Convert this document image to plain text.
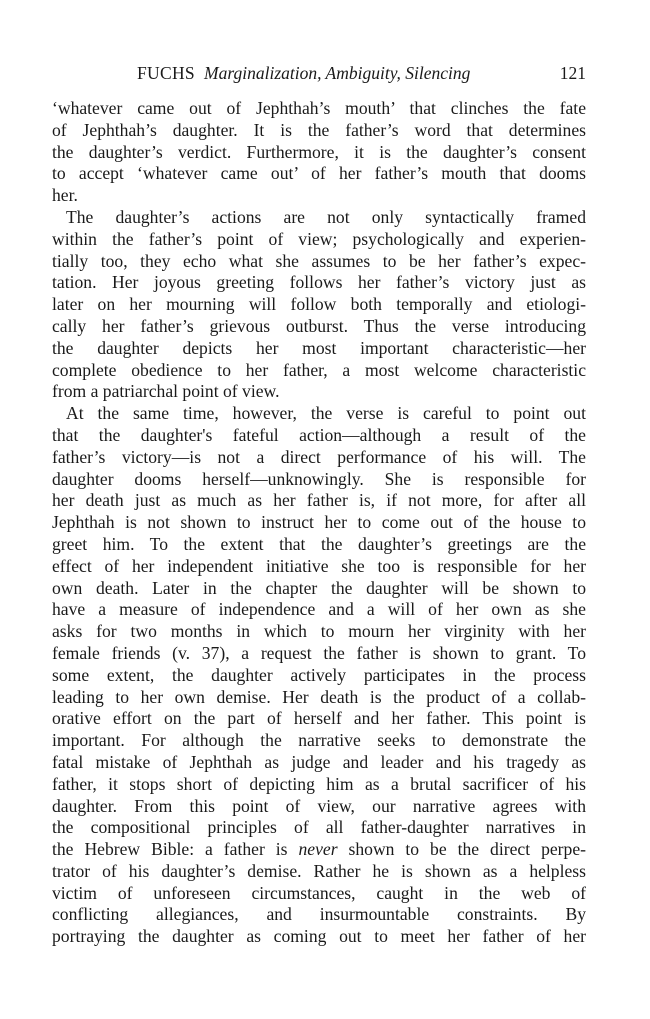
FUCHS Marginalization, Ambiguity, Silencing	121
‘whatever came out of Jephthah’s mouth’ that clinches the fate
of Jephthah’s daughter. It is the father’s word that determines
the daughter’s verdict. Furthermore, it is the daughter’s consent
to accept ‘whatever came out’ of her father’s mouth that dooms
her.
The daughter’s actions are not only syntactically framed
within the father’s point of view; psychologically and experien-
tially too, they echo what she assumes to be her father’s expec-
tation. Her joyous greeting follows her father’s victory just as
later on her mourning will follow both temporally and etiologi-
cally her father’s grievous outburst. Thus the verse introducing
the daughter depicts her most important characteristic—her
complete obedience to her father, a most welcome characteristic
from a patriarchal point of view.
At the same time, however, the verse is careful to point out
that the daughter's fateful action—although a result of the
father’s victory—is not a direct performance of his will. The
daughter dooms herself—unknowingly. She is responsible for
her death just as much as her father is, if not more, for after all
Jephthah is not shown to instruct her to come out of the house to
greet him. To the extent that the daughter’s greetings are the
effect of her independent initiative she too is responsible for her
own death. Later in the chapter the daughter will be shown to
have a measure of independence and a will of her own as she
asks for two months in which to mourn her virginity with her
female friends (v. 37), a request the father is shown to grant. To
some extent, the daughter actively participates in the process
leading to her own demise. Her death is the product of a collab-
orative effort on the part of herself and her father. This point is
important. For although the narrative seeks to demonstrate the
fatal mistake of Jephthah as judge and leader and his tragedy as
father, it stops short of depicting him as a brutal sacrificer of his
daughter. From this point of view, our narrative agrees with
the compositional principles of all father-daughter narratives in
the Hebrew Bible: a father is never shown to be the direct perpe-
trator of his daughter’s demise. Rather he is shown as a helpless
victim of unforeseen circumstances, caught in the web of
conflicting allegiances, and insurmountable constraints. By
portraying the daughter as coming out to meet her father of her
